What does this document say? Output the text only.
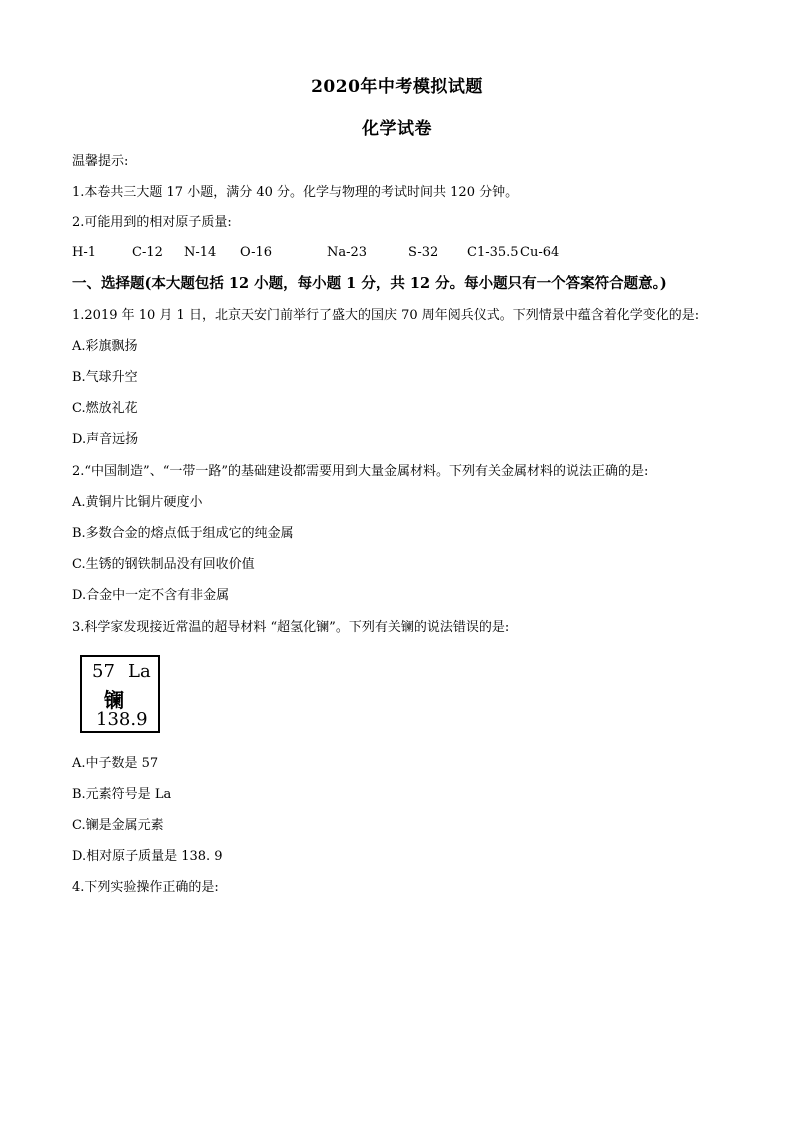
2020年中考模拟试题
化学试卷
温馨提示:
1.本卷共三大题 17 小题，满分 40 分。化学与物理的考试时间共 120 分钟。
2.可能用到的相对原子质量:
H-1	C-12 N-14 O-16	Na-23	S-32 C1-35.5 Cu-64
一、选择题(本大题包括 12 小题，每小题 1 分，共 12 分。每小题只有一个答案符合题意。)
1.2019 年 10 月 1 日，北京天安门前举行了盛大的国庆 70 周年阅兵仪式。下列情景中蕴含着化学变化的是:
A.彩旗飘扬
B.气球升空
C.燃放礼花
D.声音远扬
2.“中国制造”、“一带一路”的基础建设都需要用到大量金属材料。下列有关金属材料的说法正确的是:
A.黄铜片比铜片硬度小
B.多数合金的熔点低于组成它的纯金属
C.生锈的钢铁制品没有回收价值
D.合金中一定不含有非金属
3.科学家发现接近常温的超导材料 “超氢化镧”。下列有关镧的说法错误的是:
57 La
镧
138.9
A.中子数是 57
B.元素符号是 La
C.镧是金属元素
D.相对原子质量是 138. 9
4.下列实验操作正确的是:
